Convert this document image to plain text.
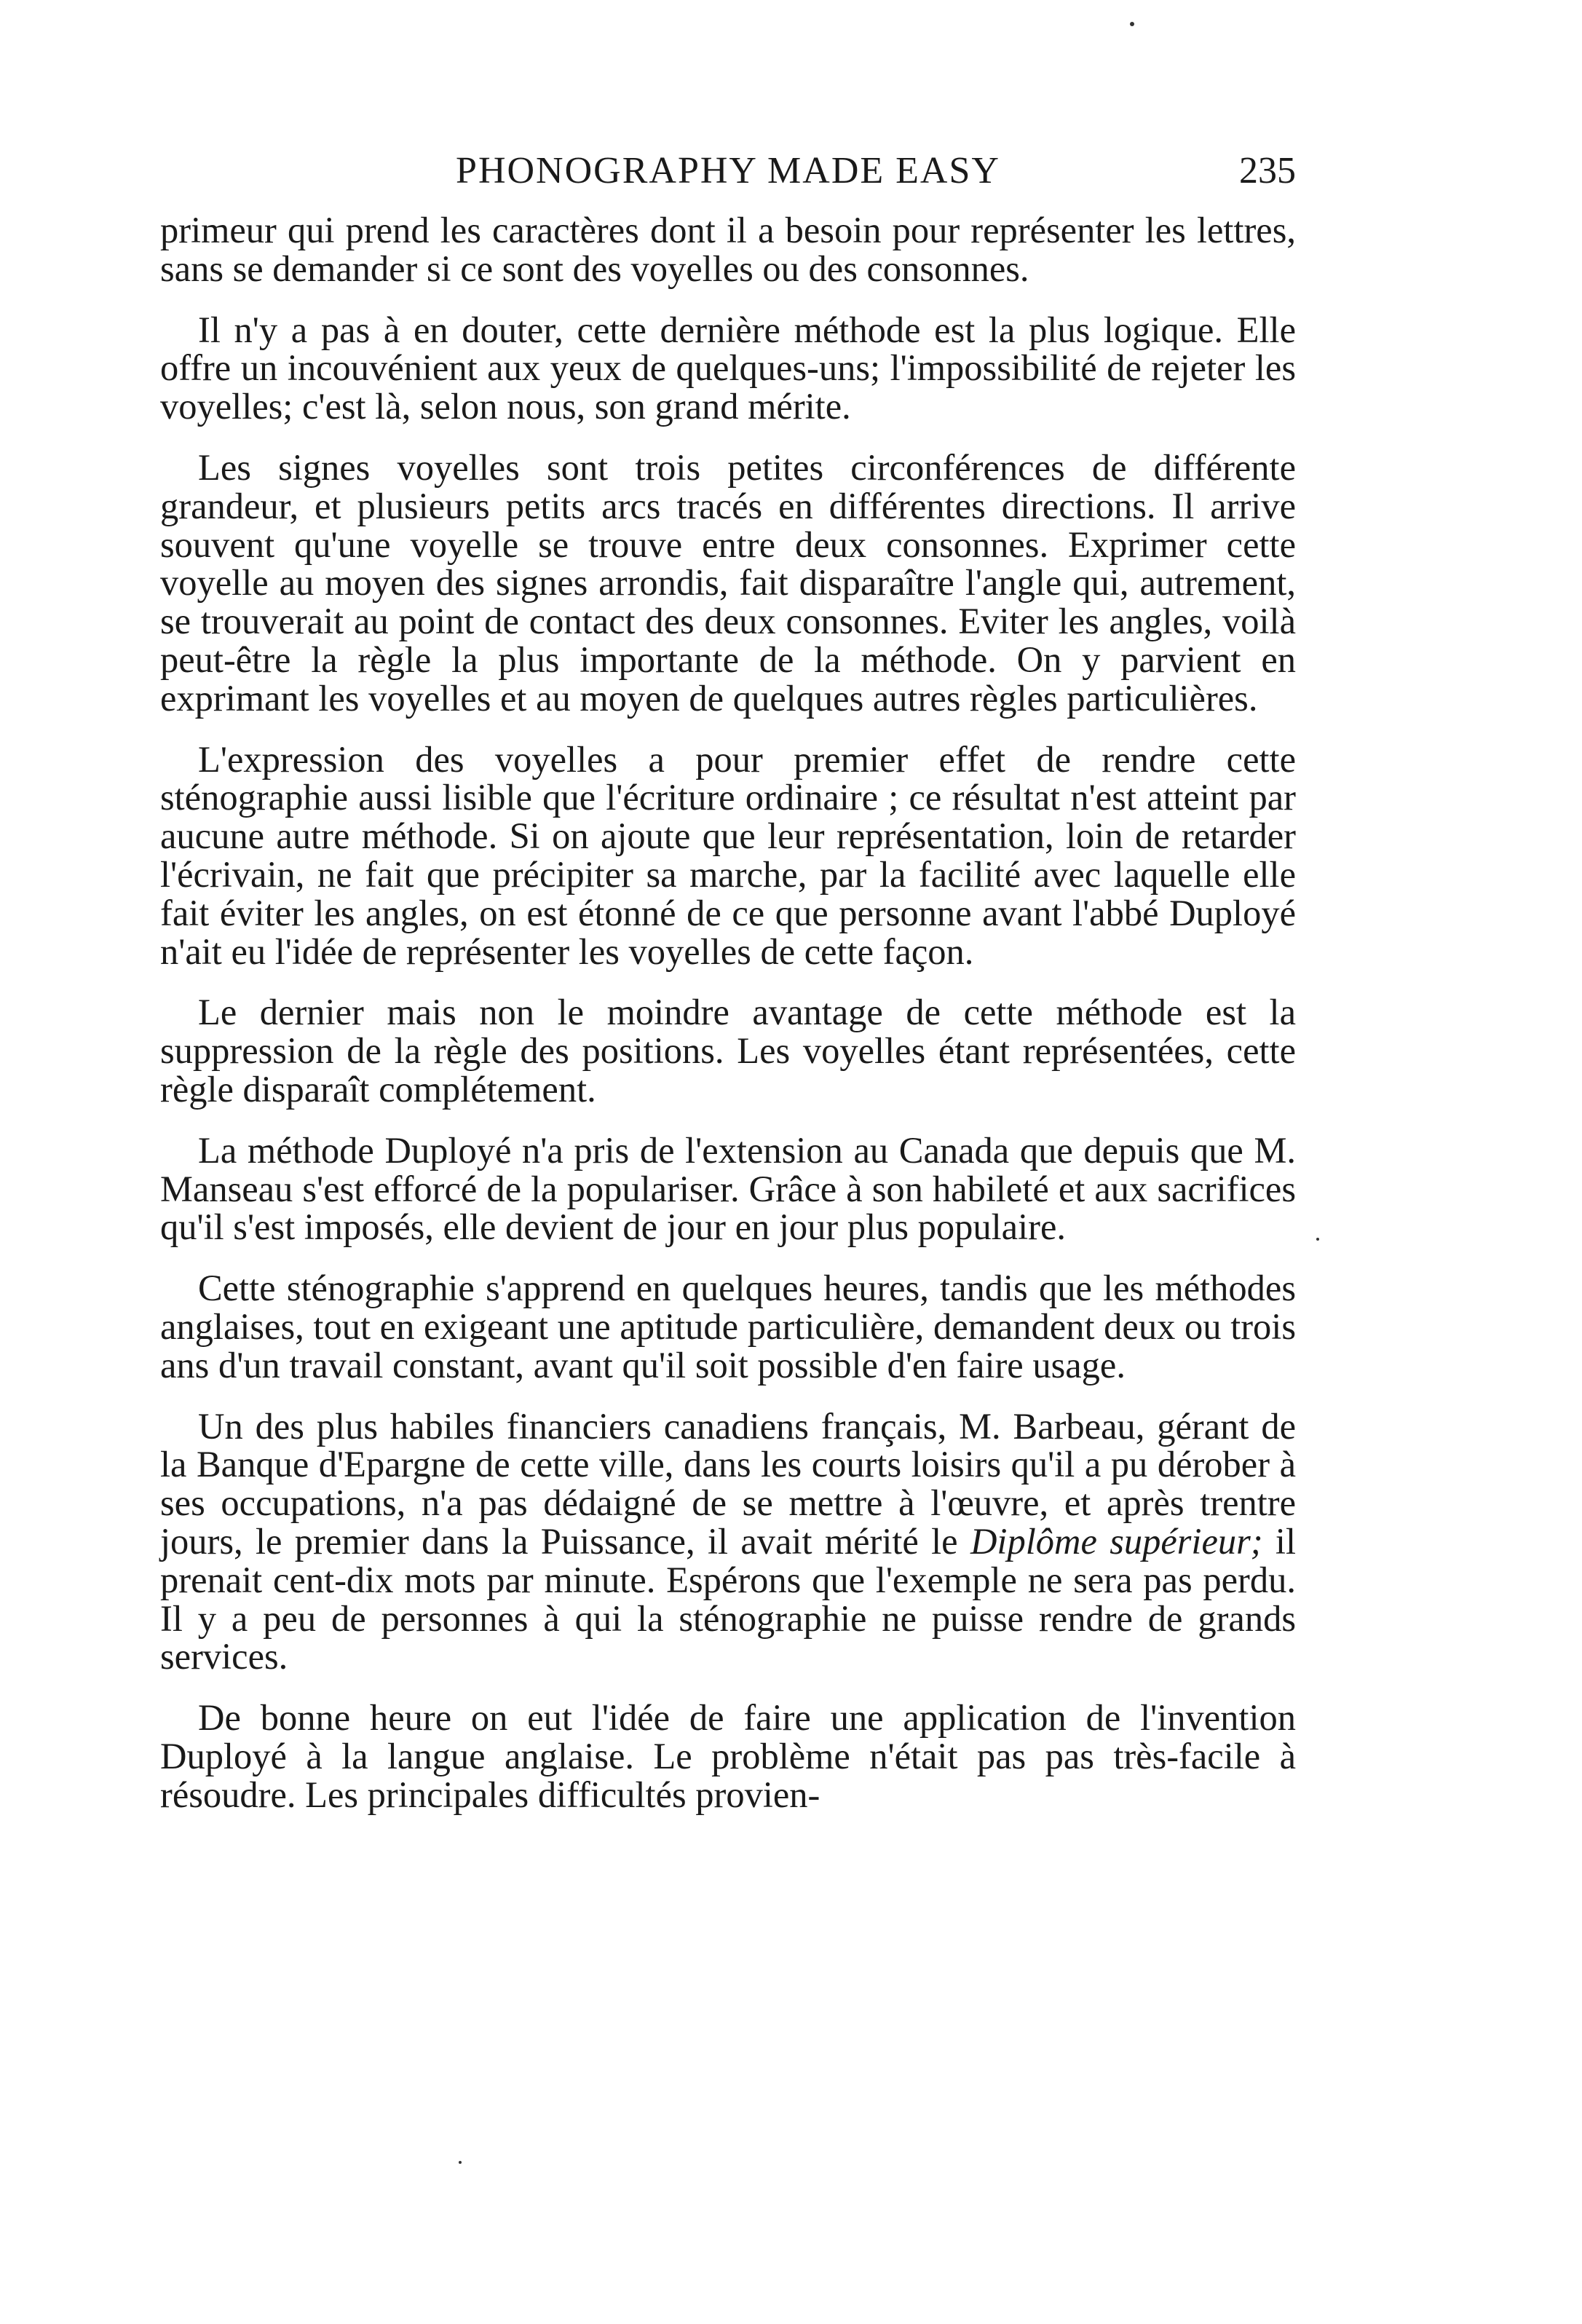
PHONOGRAPHY MADE EASY	235

primeur qui prend les caractères dont il a besoin pour représenter les lettres, sans se demander si ce sont des voyelles ou des consonnes.

Il n'y a pas à en douter, cette dernière méthode est la plus logique. Elle offre un incouvénient aux yeux de quelques-uns; l'impossibilité de rejeter les voyelles; c'est là, selon nous, son grand mérite.

Les signes voyelles sont trois petites circonférences de différente grandeur, et plusieurs petits arcs tracés en différentes directions. Il arrive souvent qu'une voyelle se trouve entre deux consonnes. Exprimer cette voyelle au moyen des signes arrondis, fait disparaître l'angle qui, autrement, se trouverait au point de contact des deux consonnes. Eviter les angles, voilà peut-être la règle la plus importante de la méthode. On y parvient en exprimant les voyelles et au moyen de quelques autres règles particulières.

L'expression des voyelles a pour premier effet de rendre cette sténographie aussi lisible que l'écriture ordinaire ; ce résultat n'est atteint par aucune autre méthode. Si on ajoute que leur représentation, loin de retarder l'écrivain, ne fait que précipiter sa marche, par la facilité avec laquelle elle fait éviter les angles, on est étonné de ce que personne avant l'abbé Duployé n'ait eu l'idée de représenter les voyelles de cette façon.

Le dernier mais non le moindre avantage de cette méthode est la suppression de la règle des positions. Les voyelles étant représentées, cette règle disparaît complétement.

La méthode Duployé n'a pris de l'extension au Canada que depuis que M. Manseau s'est efforcé de la populariser. Grâce à son habileté et aux sacrifices qu'il s'est imposés, elle devient de jour en jour plus populaire.

Cette sténographie s'apprend en quelques heures, tandis que les méthodes anglaises, tout en exigeant une aptitude particulière, demandent deux ou trois ans d'un travail constant, avant qu'il soit possible d'en faire usage.

Un des plus habiles financiers canadiens français, M. Barbeau, gérant de la Banque d'Epargne de cette ville, dans les courts loisirs qu'il a pu dérober à ses occupations, n'a pas dédaigné de se mettre à l'œuvre, et après trentre jours, le premier dans la Puissance, il avait mérité le Diplôme supérieur; il prenait cent-dix mots par minute. Espérons que l'exemple ne sera pas perdu. Il y a peu de personnes à qui la sténographie ne puisse rendre de grands services.

De bonne heure on eut l'idée de faire une application de l'invention Duployé à la langue anglaise. Le problème n'était pas pas très-facile à résoudre. Les principales difficultés provien-
